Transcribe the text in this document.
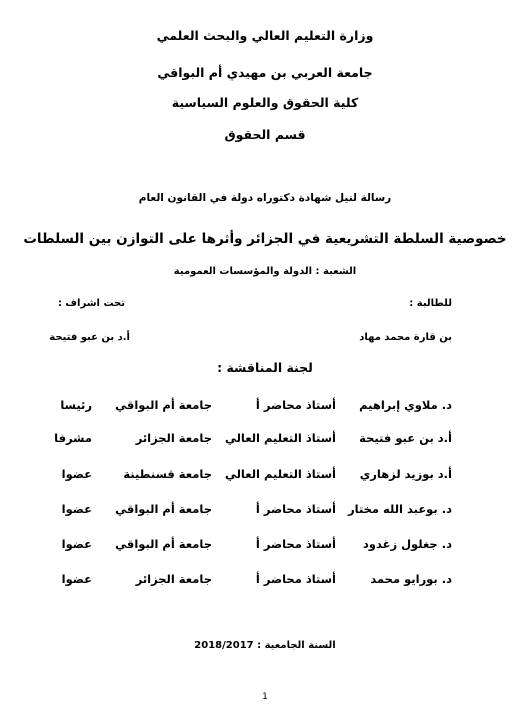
وزارة التعليم العالي والبحث العلمي
جامعة العربي بن مهيدي أم البواقي
كلية الحقوق والعلوم السياسية
قسم الحقوق
رسالة لنيل شهادة دكتوراه دولة في القانون العام
خصوصية السلطة التشريعية في الجزائر وأثرها على التوازن بين السلطات
الشعبة : الدولة والمؤسسات العمومية
للطالبة :
تحت اشراف :
بن قارة محمد مهاد
أ.د بن عبو فتيحة
لجنة المناقشة :
د. ملاوي إبراهيم
أستاذ محاضر أ
جامعة أم البواقي
رئيسا
أ.د بن عبو فتيحة
أستاذ التعليم العالي
جامعة الجزائر
مشرفا
أ.د بوزيد لزهاري
أستاذ التعليم العالي
جامعة قسنطينة
عضوا
د. بوعبد الله مختار
أستاذ محاضر أ
جامعة أم البواقي
عضوا
د. جغلول زغدود
أستاذ محاضر أ
جامعة أم البواقي
عضوا
د. بورايو محمد
أستاذ محاضر أ
جامعة الجزائر
عضوا
السنة الجامعية : 2018/2017
1
